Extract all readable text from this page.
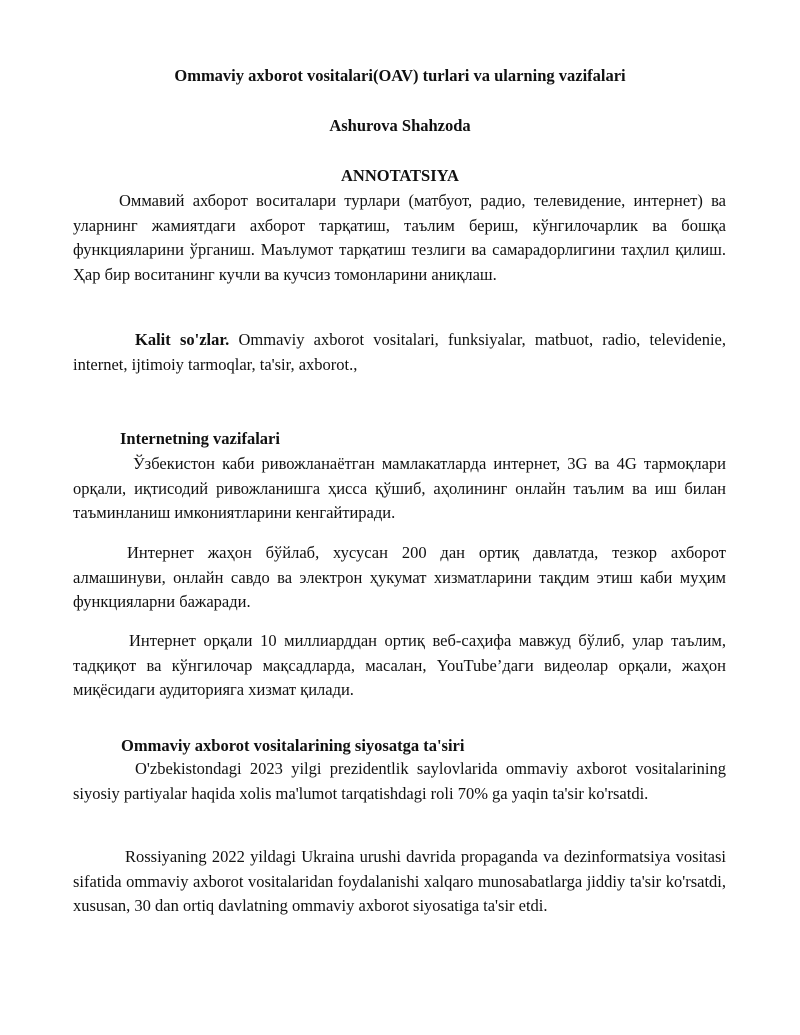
Ommaviy axborot vositalari(OAV) turlari va ularning vazifalari
Ashurova Shahzoda
ANNOTATSIYA

Оммавий ахборот воситалари турлари (матбуот, радио, телевидение, интернет) ва уларнинг жамиятдаги ахборот тарқатиш, таълим бериш, кўнгилочарлик ва бошқа функцияларини ўрганиш. Маълумот тарқатиш тезлиги ва самарадорлигини таҳлил қилиш. Ҳар бир воситанинг кучли ва кучсиз томонларини аниқлаш.

Kalit so'zlar. Ommaviy axborot vositalari, funksiyalar, matbuot, radio, televidenie, internet, ijtimoiy tarmoqlar, ta'sir, axborot.,

Internetning vazifalari

Ўзбекистон каби ривожланаётган мамлакатларда интернет, 3G ва 4G тармоқлари орқали, иқтисодий ривожланишга ҳисса қўшиб, аҳолининг онлайн таълим ва иш билан таъминланиш имкониятларини кенгайтиради.

Интернет жаҳон бўйлаб, хусусан 200 дан ортиқ давлатда, тезкор ахборот алмашинуви, онлайн савдо ва электрон ҳукумат хизматларини тақдим этиш каби муҳим функцияларни бажаради.

Интернет орқали 10 миллиарддан ортиқ веб-саҳифа мавжуд бўлиб, улар таълим, тадқиқот ва кўнгилочар мақсадларда, масалан, YouTube’даги видеолар орқали, жаҳон миқёсидаги аудиторияга хизмат қилади.

Ommaviy axborot vositalarining siyosatga ta'siri

O'zbekistondagi 2023 yilgi prezidentlik saylovlarida ommaviy axborot vositalarining siyosiy partiyalar haqida xolis ma'lumot tarqatishdagi roli 70% ga yaqin ta'sir ko'rsatdi.

Rossiyaning 2022 yildagi Ukraina urushi davrida propaganda va dezinformatsiya vositasi sifatida ommaviy axborot vositalaridan foydalanishi xalqaro munosabatlarga jiddiy ta'sir ko'rsatdi, xususan, 30 dan ortiq davlatning ommaviy axborot siyosatiga ta'sir etdi.
